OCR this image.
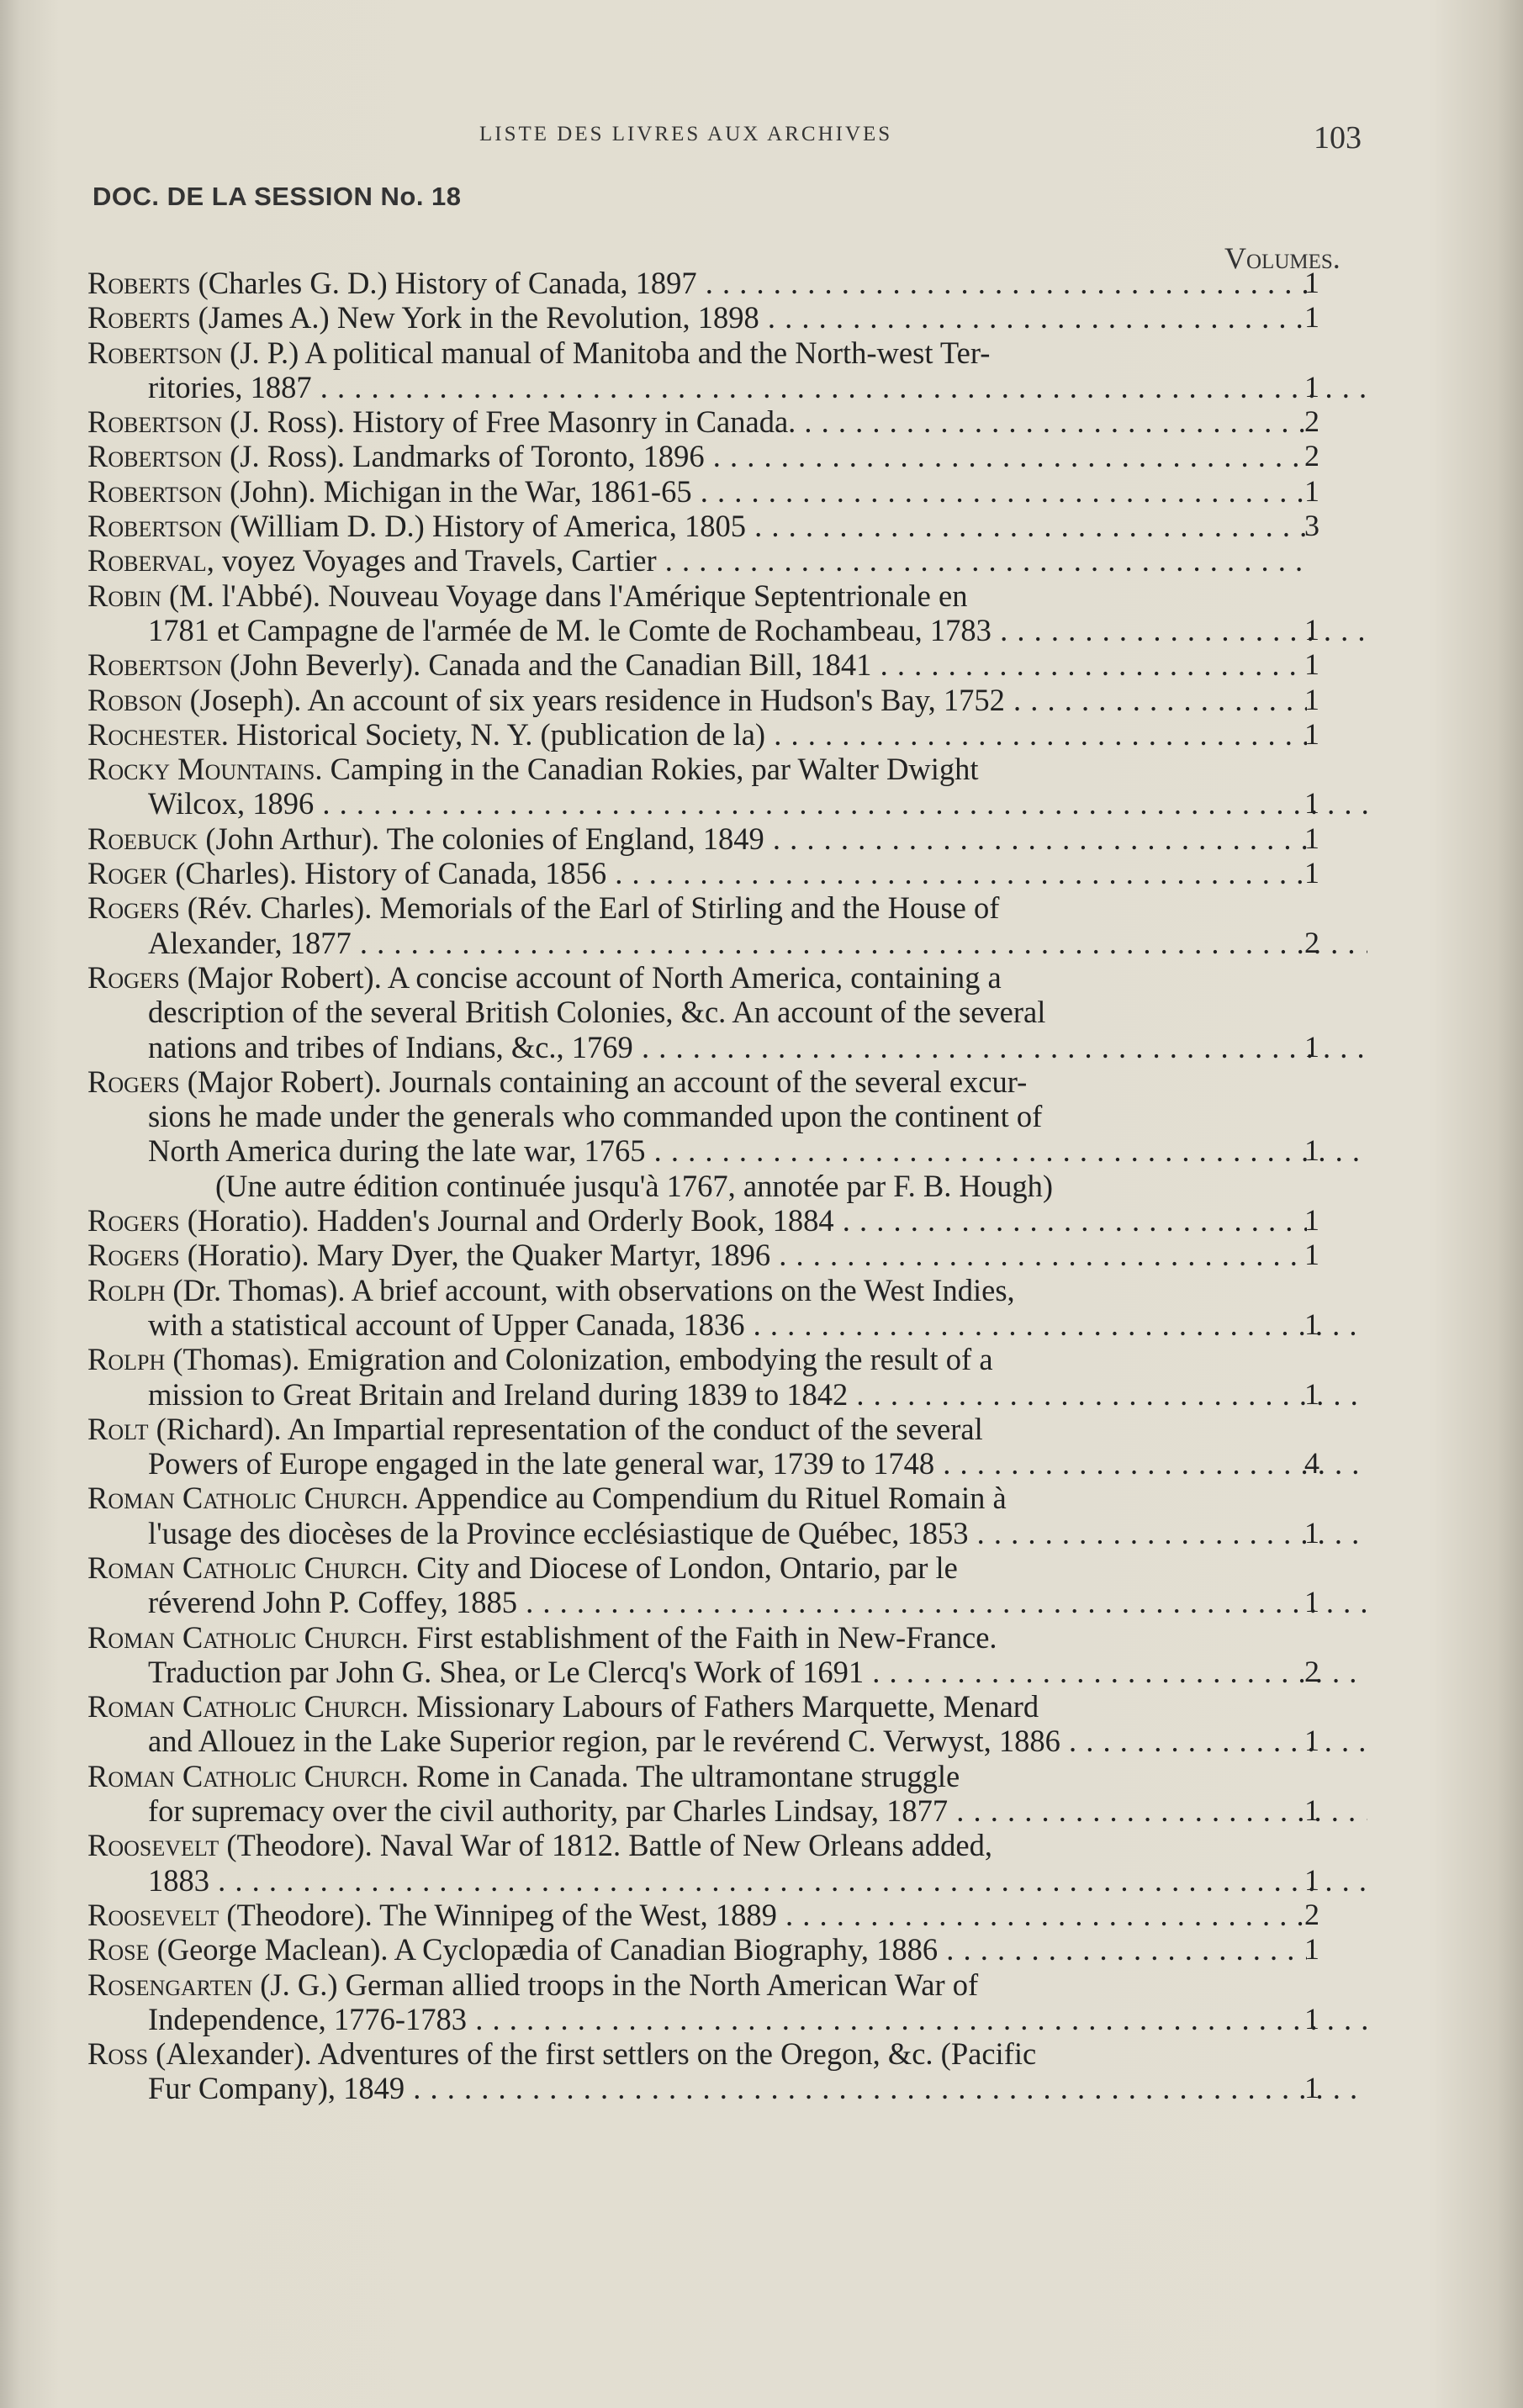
LISTE DES LIVRES AUX ARCHIVES	103
DOC. DE LA SESSION No. 18
Volumes.
Roberts (Charles G. D.) History of Canada, 1897 . . .	1
Roberts (James A.) New York in the Revolution, 1898 . . .	1
Robertson (J. P.) A political manual of Manitoba and the North-west Ter-
ritories, 1887 . . .	1
Robertson (J. Ross). History of Free Masonry in Canada. . . .	2
Robertson (J. Ross). Landmarks of Toronto, 1896 . . .	2
Robertson (John). Michigan in the War, 1861-65 . . .	1
Robertson (William D. D.) History of America, 1805 . . .	3
Roberval, voyez Voyages and Travels, Cartier . . .
Robin (M. l'Abbé). Nouveau Voyage dans l'Amérique Septentrionale en
1781 et Campagne de l'armée de M. le Comte de Rochambeau, 1783 . . .	1
Robertson (John Beverly). Canada and the Canadian Bill, 1841 . . .	1
Robson (Joseph). An account of six years residence in Hudson's Bay, 1752 . . .	1
Rochester. Historical Society, N. Y. (publication de la) . . .	1
Rocky Mountains. Camping in the Canadian Rokies, par Walter Dwight
Wilcox, 1896 . . .	1
Roebuck (John Arthur). The colonies of England, 1849 . . .	1
Roger (Charles). History of Canada, 1856 . . .	1
Rogers (Rév. Charles). Memorials of the Earl of Stirling and the House of
Alexander, 1877 . . .	2
Rogers (Major Robert). A concise account of North America, containing a
description of the several British Colonies, &c. An account of the several
nations and tribes of Indians, &c., 1769 . . .	1
Rogers (Major Robert). Journals containing an account of the several excur-
sions he made under the generals who commanded upon the continent of
North America during the late war, 1765 . . .	1
(Une autre édition continuée jusqu'à 1767, annotée par F. B. Hough)
Rogers (Horatio). Hadden's Journal and Orderly Book, 1884 . . .	1
Rogers (Horatio). Mary Dyer, the Quaker Martyr, 1896 . . .	1
Rolph (Dr. Thomas). A brief account, with observations on the West Indies,
with a statistical account of Upper Canada, 1836 . . .	1
Rolph (Thomas). Emigration and Colonization, embodying the result of a
mission to Great Britain and Ireland during 1839 to 1842 . . .	1
Rolt (Richard). An Impartial representation of the conduct of the several
Powers of Europe engaged in the late general war, 1739 to 1748 . . .	4
Roman Catholic Church. Appendice au Compendium du Rituel Romain à
l'usage des diocèses de la Province ecclésiastique de Québec, 1853 . . .	1
Roman Catholic Church. City and Diocese of London, Ontario, par le
réverend John P. Coffey, 1885 . . .	1
Roman Catholic Church. First establishment of the Faith in New-France.
Traduction par John G. Shea, or Le Clercq's Work of 1691 . . .	2
Roman Catholic Church. Missionary Labours of Fathers Marquette, Menard
and Allouez in the Lake Superior region, par le revérend C. Verwyst, 1886 . . .	1
Roman Catholic Church. Rome in Canada. The ultramontane struggle
for supremacy over the civil authority, par Charles Lindsay, 1877 . . .	1
Roosevelt (Theodore). Naval War of 1812. Battle of New Orleans added,
1883 . . .	1
Roosevelt (Theodore). The Winnipeg of the West, 1889 . . .	2
Rose (George Maclean). A Cyclopædia of Canadian Biography, 1886 . . .	1
Rosengarten (J. G.) German allied troops in the North American War of
Independence, 1776-1783 . . .	1
Ross (Alexander). Adventures of the first settlers on the Oregon, &c. (Pacific
Fur Company), 1849 . . .	1
